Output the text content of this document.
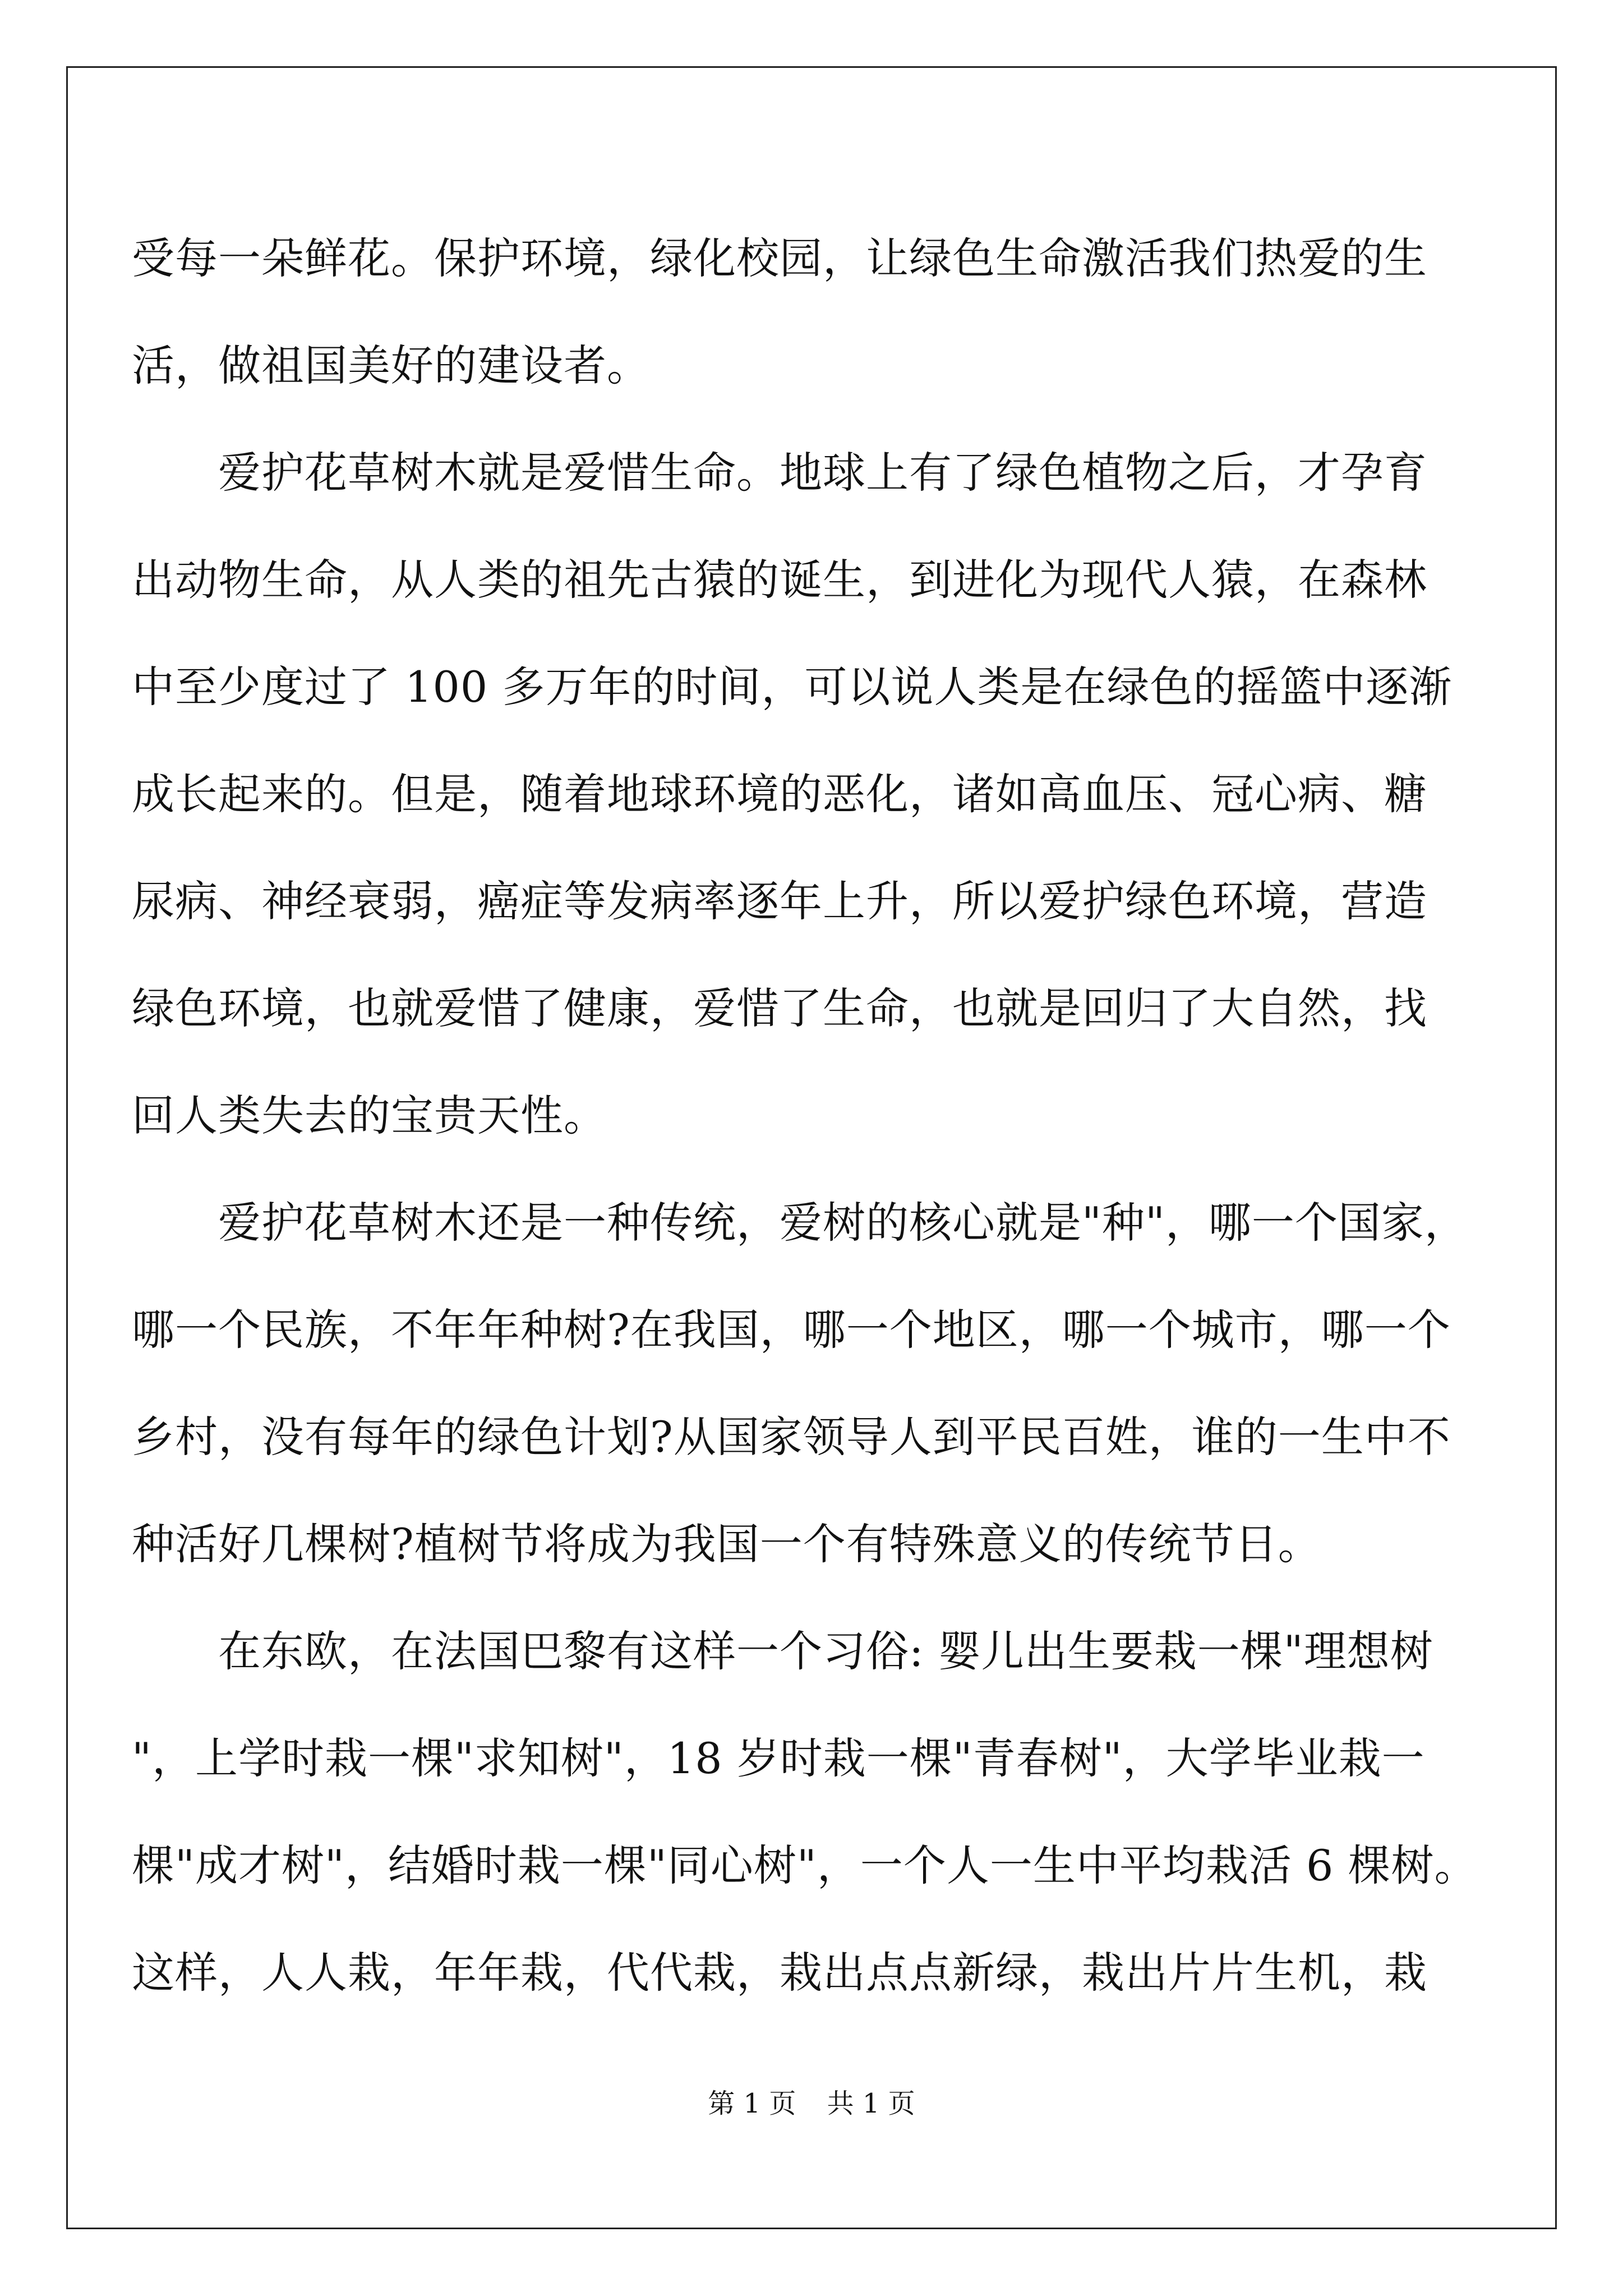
受每一朵鲜花。保护环境，绿化校园，让绿色生命激活我们热爱的生
活，做祖国美好的建设者。
　　爱护花草树木就是爱惜生命。地球上有了绿色植物之后，才孕育
出动物生命，从人类的祖先古猿的诞生，到进化为现代人猿，在森林
中至少度过了 100 多万年的时间，可以说人类是在绿色的摇篮中逐渐
成长起来的。但是，随着地球环境的恶化，诸如高血压、冠心病、糖
尿病、神经衰弱，癌症等发病率逐年上升，所以爱护绿色环境，营造
绿色环境，也就爱惜了健康，爱惜了生命，也就是回归了大自然，找
回人类失去的宝贵天性。
　　爱护花草树木还是一种传统，爱树的核心就是"种"，哪一个国家，
哪一个民族，不年年种树?在我国，哪一个地区，哪一个城市，哪一个
乡村，没有每年的绿色计划?从国家领导人到平民百姓，谁的一生中不
种活好几棵树?植树节将成为我国一个有特殊意义的传统节日。
　　在东欧，在法国巴黎有这样一个习俗: 婴儿出生要栽一棵"理想树
"，上学时栽一棵"求知树"，18 岁时栽一棵"青春树"，大学毕业栽一
棵"成才树"，结婚时栽一棵"同心树"，一个人一生中平均栽活 6 棵树。
这样，人人栽，年年栽，代代栽，栽出点点新绿，栽出片片生机，栽
第 1 页 共 1 页
